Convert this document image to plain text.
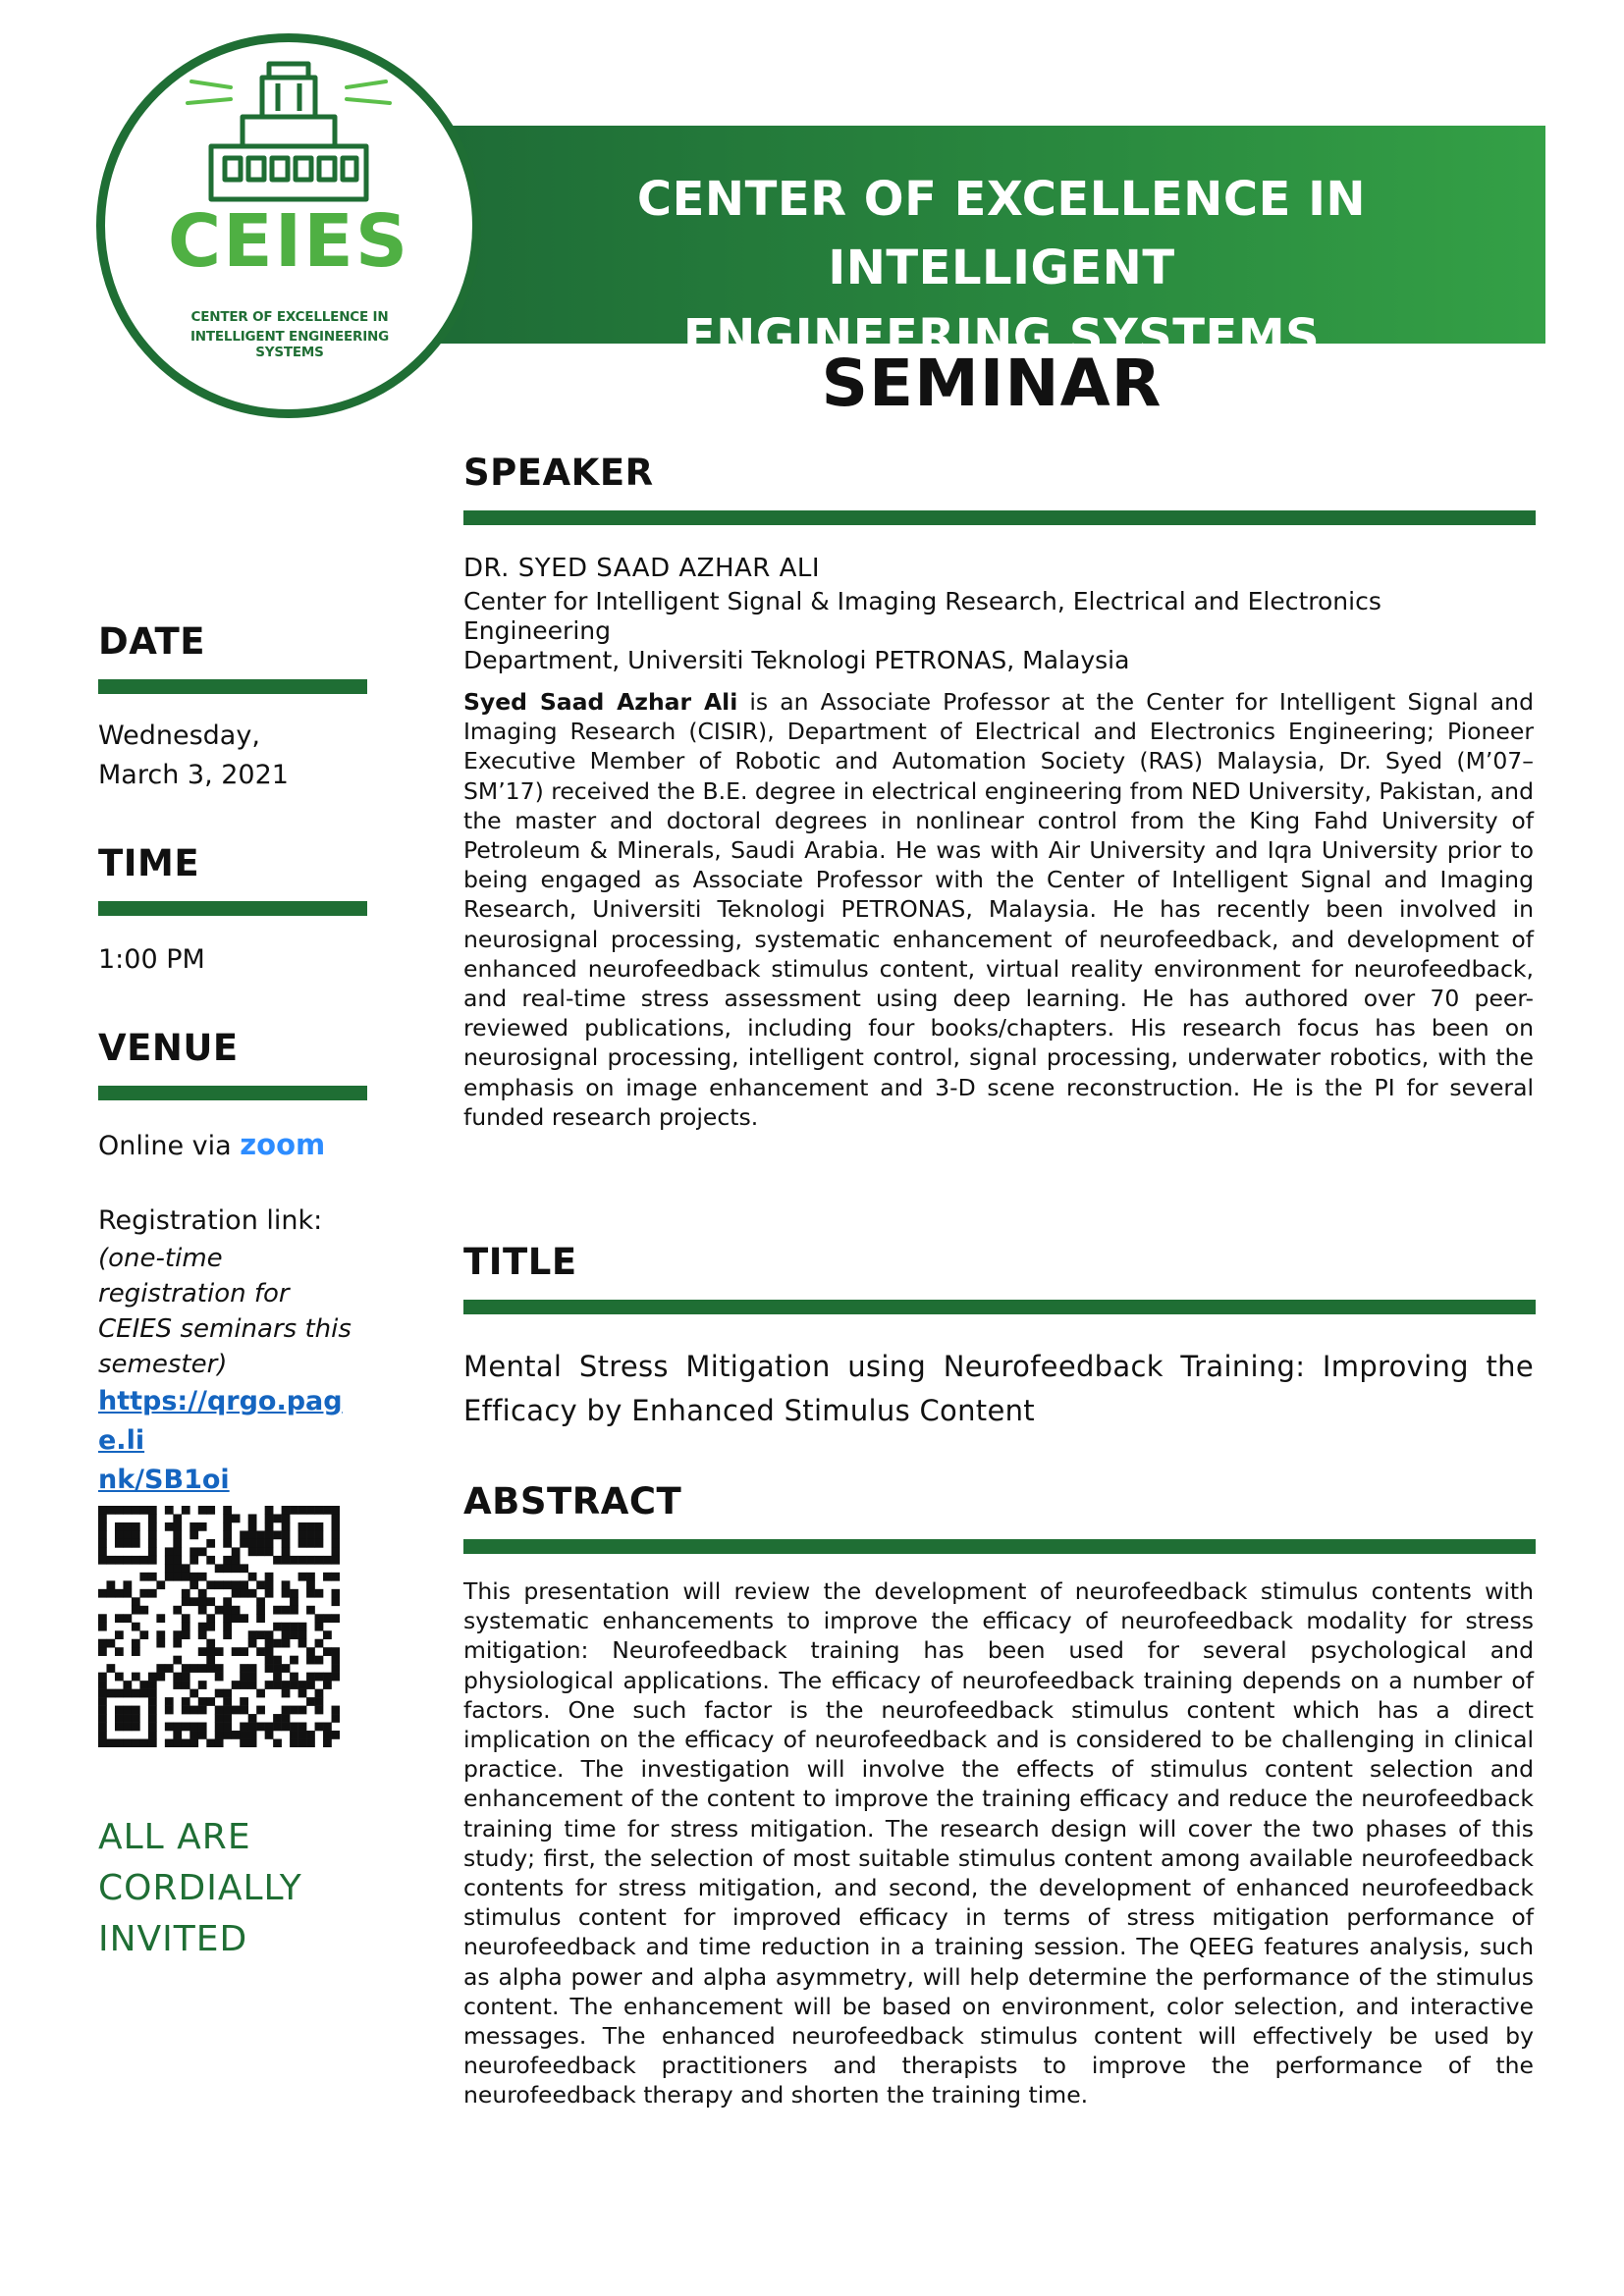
CENTER OF EXCELLENCE IN INTELLIGENT
ENGINEERING SYSTEMS
CEIES
CENTER OF EXCELLENCE IN
INTELLIGENT ENGINEERING SYSTEMS	SEMINAR
SPEAKER
DR. SYED SAAD AZHAR ALI
Center for Intelligent Signal & Imaging Research, Electrical and Electronics Engineering
Department, Universiti Teknologi PETRONAS, Malaysia
Syed Saad Azhar Ali is an Associate Professor at the Center for Intelligent Signal and Imaging Research (CISIR), Department of Electrical and Electronics Engineering; Pioneer Executive Member of Robotic and Automation Society (RAS) Malaysia, Dr. Syed (M’07–SM’17) received the B.E. degree in electrical engineering from NED University, Pakistan, and the master and doctoral degrees in nonlinear control from the King Fahd University of Petroleum & Minerals, Saudi Arabia. He was with Air University and Iqra University prior to being engaged as Associate Professor with the Center of Intelligent Signal and Imaging Research, Universiti Teknologi PETRONAS, Malaysia. He has recently been involved in neurosignal processing, systematic enhancement of neurofeedback, and development of enhanced neurofeedback stimulus content, virtual reality environment for neurofeedback, and real-time stress assessment using deep learning. He has authored over 70 peer-reviewed publications, including four books/chapters. His research focus has been on neurosignal processing, intelligent control, signal processing, underwater robotics, with the emphasis on image enhancement and 3-D scene reconstruction. He is the PI for several funded research projects.
TITLE
Mental Stress Mitigation using Neurofeedback Training: Improving the Efficacy by Enhanced Stimulus Content
ABSTRACT
This presentation will review the development of neurofeedback stimulus contents with systematic enhancements to improve the efficacy of neurofeedback modality for stress mitigation: Neurofeedback training has been used for several psychological and physiological applications. The efficacy of neurofeedback training depends on a number of factors. One such factor is the neurofeedback stimulus content which has a direct implication on the efficacy of neurofeedback and is considered to be challenging in clinical practice. The investigation will involve the effects of stimulus content selection and enhancement of the content to improve the training efficacy and reduce the neurofeedback training time for stress mitigation. The research design will cover the two phases of this study; first, the selection of most suitable stimulus content among available neurofeedback contents for stress mitigation, and second, the development of enhanced neurofeedback stimulus content for improved efficacy in terms of stress mitigation performance of neurofeedback and time reduction in a training session. The QEEG features analysis, such as alpha power and alpha asymmetry, will help determine the performance of the stimulus content. The enhancement will be based on environment, color selection, and interactive messages. The enhanced neurofeedback stimulus content will effectively be used by neurofeedback practitioners and therapists to improve the performance of the neurofeedback therapy and shorten the training time.
DATE
Wednesday,
March 3, 2021
TIME
1:00 PM
VENUE
Online via zoom
Registration link:
(one-time
registration for
CEIES seminars this
semester)
https://qrgo.page.li
nk/SB1oi
ALL ARE
CORDIALLY
INVITED
